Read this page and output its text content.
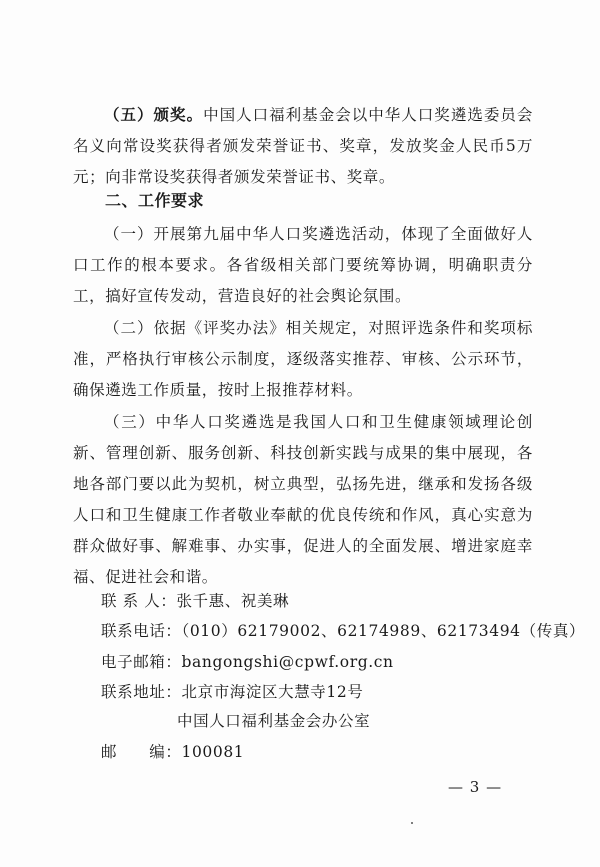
（五）颁奖。中国人口福利基金会以中华人口奖遴选委员会名义向常设奖获得者颁发荣誉证书、奖章，发放奖金人民币5万元；向非常设奖获得者颁发荣誉证书、奖章。

二、工作要求

（一）开展第九届中华人口奖遴选活动，体现了全面做好人口工作的根本要求。各省级相关部门要统筹协调，明确职责分工，搞好宣传发动，营造良好的社会舆论氛围。

（二）依据《评奖办法》相关规定，对照评选条件和奖项标准，严格执行审核公示制度，逐级落实推荐、审核、公示环节，确保遴选工作质量，按时上报推荐材料。

（三）中华人口奖遴选是我国人口和卫生健康领域理论创新、管理创新、服务创新、科技创新实践与成果的集中展现，各地各部门要以此为契机，树立典型，弘扬先进，继承和发扬各级人口和卫生健康工作者敬业奉献的优良传统和作风，真心实意为群众做好事、解难事、办实事，促进人的全面发展、增进家庭幸福、促进社会和谐。

联 系 人：张千惠、祝美琳

联系电话：（010）62179002、62174989、62173494（传真）

电子邮箱：bangongshi@cpwf.org.cn

联系地址：北京市海淀区大慧寺12号

中国人口福利基金会办公室

邮　　编：100081

— 3 —
